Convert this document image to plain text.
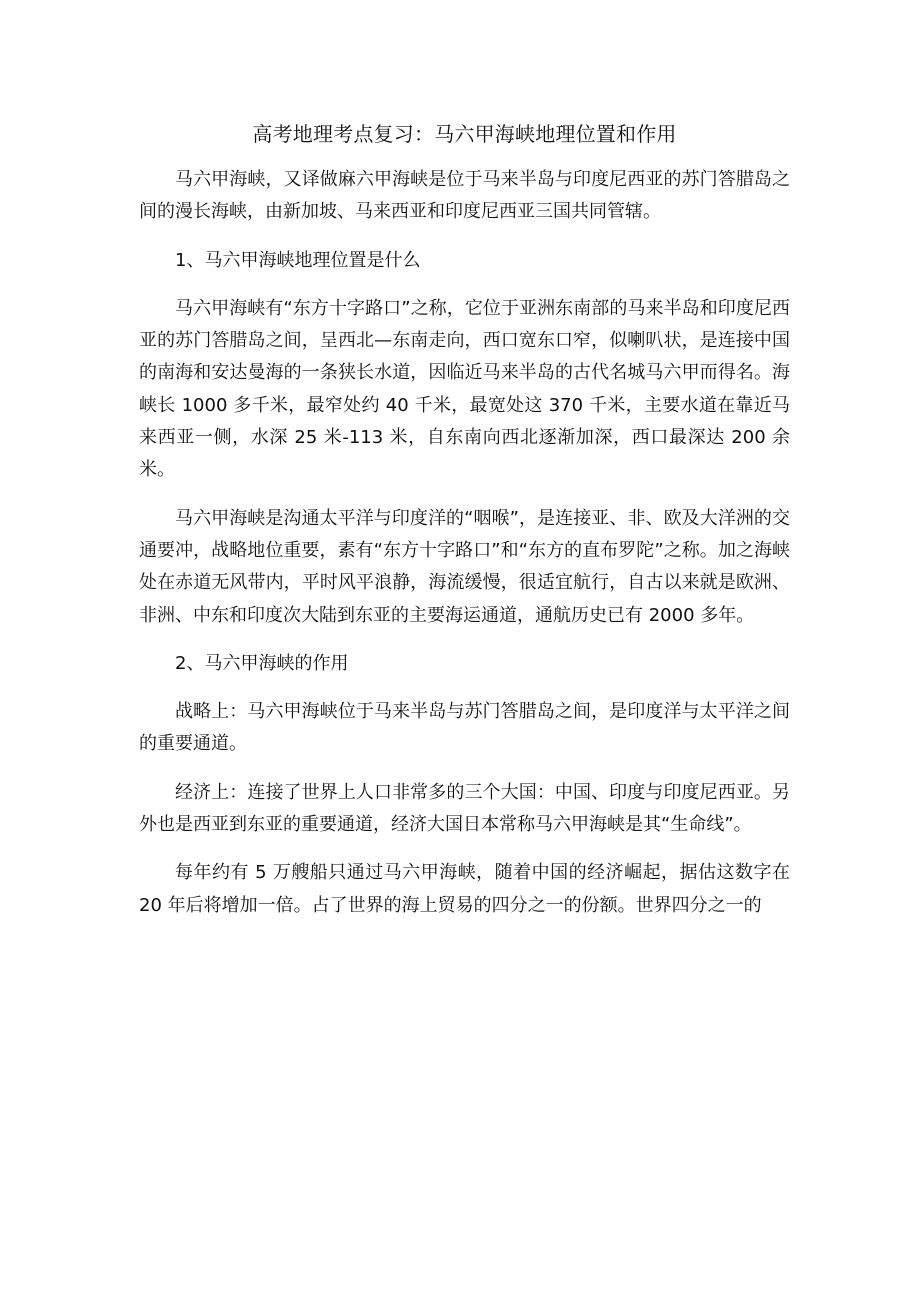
高考地理考点复习：马六甲海峡地理位置和作用

马六甲海峡，又译做麻六甲海峡是位于马来半岛与印度尼西亚的苏门答腊岛之间的漫长海峡，由新加坡、马来西亚和印度尼西亚三国共同管辖。

1、马六甲海峡地理位置是什么

马六甲海峡有“东方十字路口”之称，它位于亚洲东南部的马来半岛和印度尼西亚的苏门答腊岛之间，呈西北—东南走向，西口宽东口窄，似喇叭状，是连接中国的南海和安达曼海的一条狭长水道，因临近马来半岛的古代名城马六甲而得名。海峡长 1000 多千米，最窄处约 40 千米，最宽处这 370 千米，主要水道在靠近马来西亚一侧，水深 25 米-113 米，自东南向西北逐渐加深，西口最深达 200 余米。

马六甲海峡是沟通太平洋与印度洋的“咽喉”，是连接亚、非、欧及大洋洲的交通要冲，战略地位重要，素有“东方十字路口”和“东方的直布罗陀”之称。加之海峡处在赤道无风带内，平时风平浪静，海流缓慢，很适宜航行，自古以来就是欧洲、非洲、中东和印度次大陆到东亚的主要海运通道，通航历史已有 2000 多年。

2、马六甲海峡的作用

战略上：马六甲海峡位于马来半岛与苏门答腊岛之间，是印度洋与太平洋之间的重要通道。

经济上：连接了世界上人口非常多的三个大国：中国、印度与印度尼西亚。另外也是西亚到东亚的重要通道，经济大国日本常称马六甲海峡是其“生命线”。

每年约有 5 万艘船只通过马六甲海峡，随着中国的经济崛起，据估这数字在 20 年后将增加一倍。占了世界的海上贸易的四分之一的份额。世界四分之一的
